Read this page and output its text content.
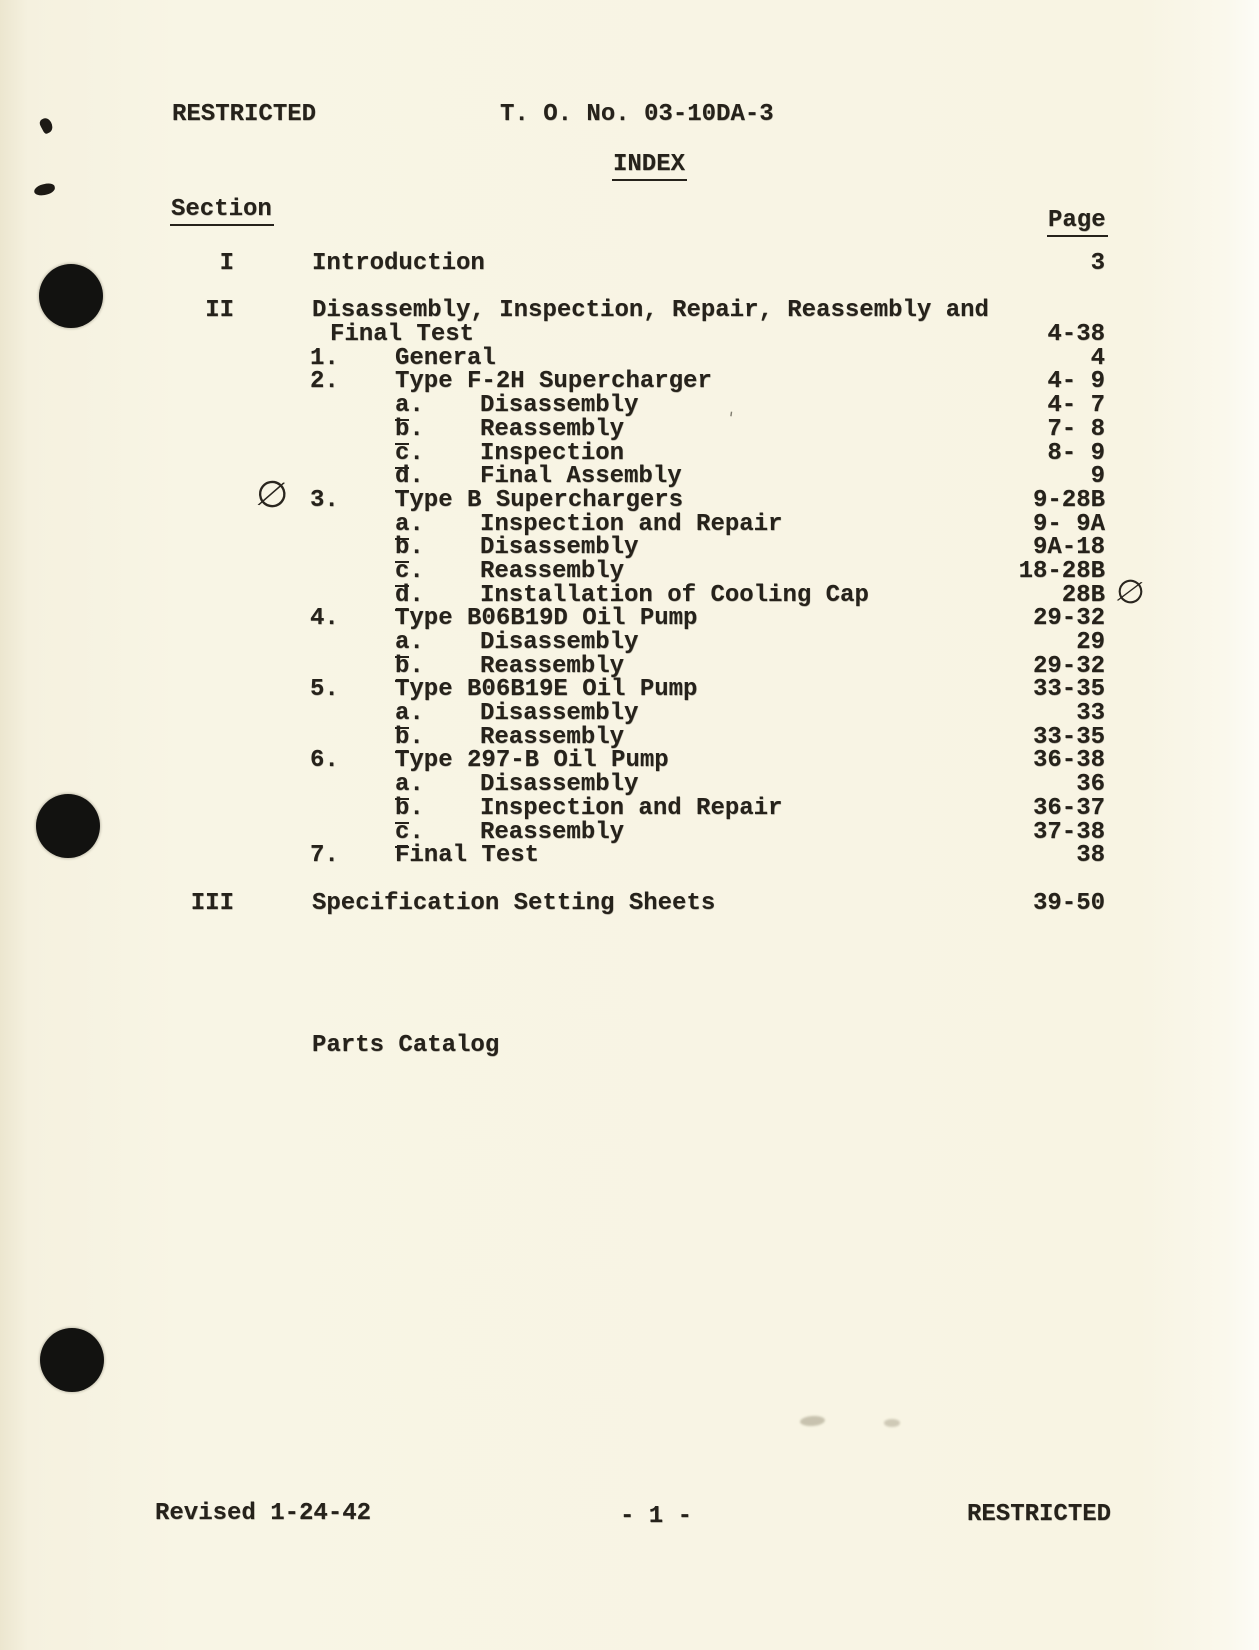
RESTRICTED	T. O. No. 03-10DA-3
INDEX
Section	Page
I	Introduction	3
II	Disassembly, Inspection, Repair, Reassembly and
Final Test	4-38
1. General	4
2. Type F-2H Supercharger	4- 9
a. Disassembly	4- 7
b. Reassembly	7- 8
c. Inspection	8- 9
d. Final Assembly	9
3. Type B Superchargers	9-28B
∅
a. Inspection and Repair	9- 9A
b. Disassembly	9A-18
c. Reassembly	18-28B
d. Installation of Cooling Cap	28B ∅
4. Type B06B19D Oil Pump	29-32
a. Disassembly	29
b. Reassembly	29-32
5. Type B06B19E Oil Pump	33-35
a. Disassembly	33
b. Reassembly	33-35
6. Type 297-B Oil Pump	36-38
a. Disassembly	36
b. Inspection and Repair	36-37
c. Reassembly	37-38
7. Final Test	38
III	Specification Setting Sheets	39-50
Parts Catalog
'
Revised 1-24-42	- 1 -	RESTRICTED
